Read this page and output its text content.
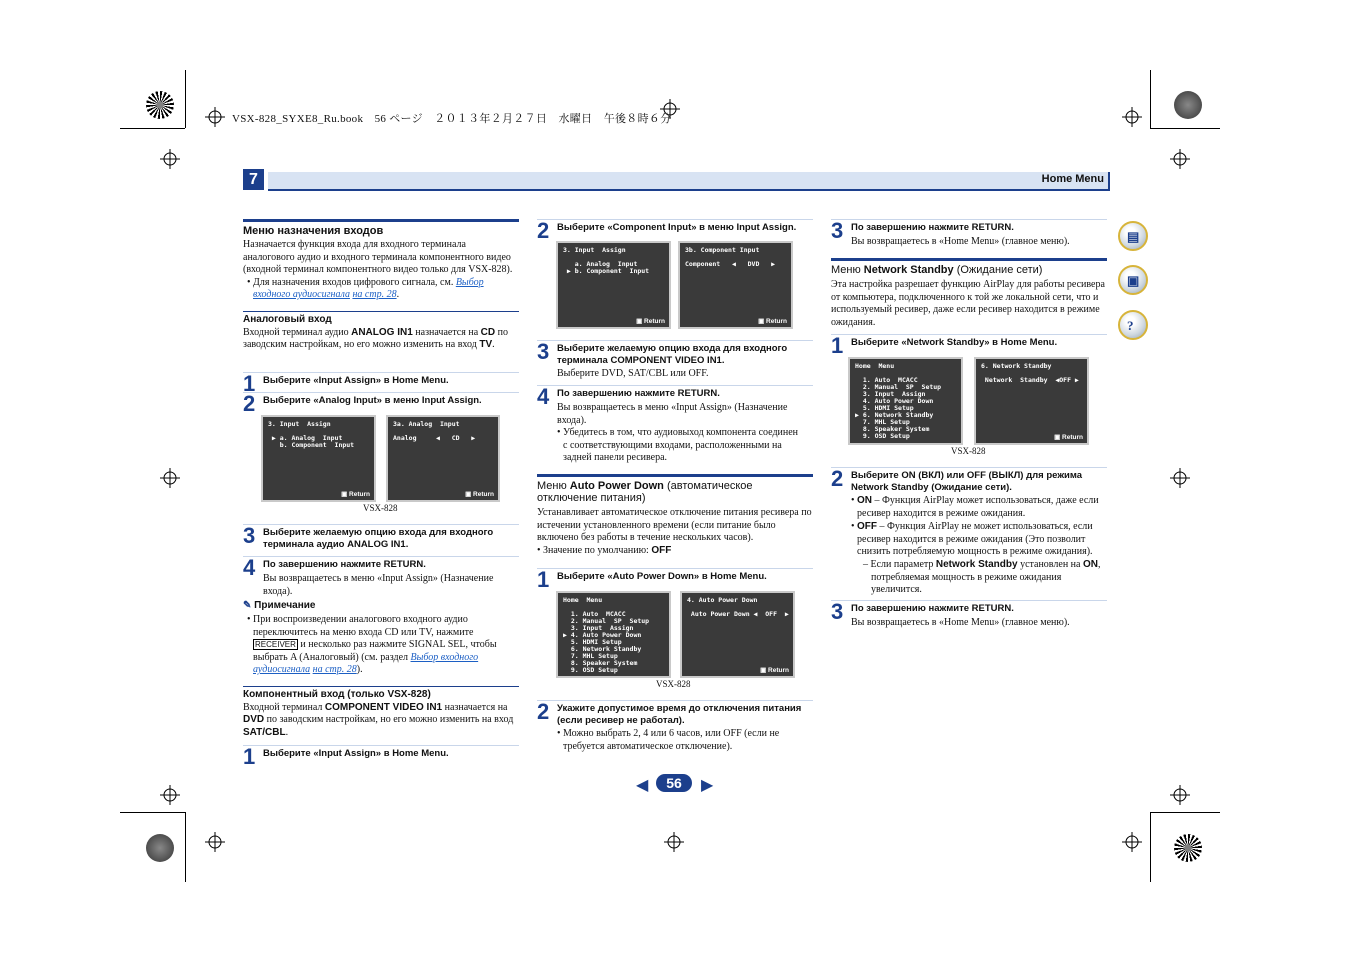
VSX-828_SYXE8_Ru.book　56 ページ　２０１３年２月２７日　水曜日　午後８時６分
7	Home Menu
▤
▣
?
Меню назначения входов
Назначается функция входа для входного терминала аналогового аудио и входного терминала компонентного видео (входной терминал компонентного видео только для VSX-828).
• Для назначения входов цифрового сигнала, см. Выбор входного аудиосигнала на стр. 28.
Аналоговый вход
Входной терминал аудио ANALOG IN1 назначается на CD по заводским настройкам, но его можно изменить на вход TV.
1 Выберите «Input Assign» в Home Menu.
2 Выберите «Analog Input» в меню Input Assign.
3. Input  Assign

▶ a. Analog  Input
b. Component  Input
▣ Return
3a. Analog  Input

Analog     ◀   CD   ▶
▣ Return
VSX-828
3 Выберите желаемую опцию входа для входного терминала аудио ANALOG IN1.
4 По завершению нажмите RETURN.
Вы возвращаетесь в меню «Input Assign» (Назначение входа).
✎ Примечание
• При воспроизведении аналогового входного аудио переключитесь на меню входа CD или TV, нажмите RECEIVER и несколько раз нажмите SIGNAL SEL, чтобы выбрать A (Аналоговый) (см. раздел Выбор входного аудиосигнала на стр. 28).
Компонентный вход (только VSX-828)
Входной терминал COMPONENT VIDEO IN1 назначается на DVD по заводским настройкам, но его можно изменить на вход SAT/CBL.
1 Выберите «Input Assign» в Home Menu.
2 Выберите «Component Input» в меню Input Assign.
3. Input  Assign

a. Analog  Input
▶ b. Component  Input
▣ Return
3b. Component Input

Component   ◀   DVD   ▶
▣ Return
3 Выберите желаемую опцию входа для входного терминала COMPONENT VIDEO IN1.
Выберите DVD, SAT/CBL или OFF.
4 По завершению нажмите RETURN.
Вы возвращаетесь в меню «Input Assign» (Назначение входа).
• Убедитесь в том, что аудиовыход компонента соединен с соответствующими входами, расположенными на задней панели ресивера.
Меню Auto Power Down (автоматическое отключение питания)
Устанавливает автоматическое отключение питания ресивера по истечении установленного времени (если питание было включено без работы в течение нескольких часов).
• Значение по умолчанию: OFF
1 Выберите «Auto Power Down» в Home Menu.
Home  Menu

1. Auto  MCACC
2. Manual  SP  Setup
3. Input  Assign
▶ 4. Auto Power Down
5. HDMI Setup
6. Network Standby
7. MHL Setup
8. Speaker System
9. OSD Setup
4. Auto Power Down

Auto Power Down ◀  OFF  ▶
▣ Return
VSX-828
2 Укажите допустимое время до отключения питания (если ресивер не работал).
• Можно выбрать 2, 4 или 6 часов, или OFF (если не требуется автоматическое отключение).
3 По завершению нажмите RETURN.
Вы возвращаетесь в «Home Menu» (главное меню).
Меню Network Standby (Ожидание сети)
Эта настройка разрешает функцию AirPlay для работы ресивера от компьютера, подключенного к той же локальной сети, что и используемый ресивер, даже если ресивер находится в режиме ожидания.
1 Выберите «Network Standby» в Home Menu.
Home  Menu

1. Auto  MCACC
2. Manual  SP  Setup
3. Input  Assign
4. Auto Power Down
5. HDMI Setup
▶ 6. Network Standby
7. MHL Setup
8. Speaker System
9. OSD Setup
6. Network Standby

Network  Standby  ◀OFF ▶
▣ Return
VSX-828
2 Выберите ON (ВКЛ) или OFF (ВЫКЛ) для режима Network Standby (Ожидание сети).
• ON – Функция AirPlay может использоваться, даже если ресивер находится в режиме ожидания.
• OFF – Функция AirPlay не может использоваться, если ресивер находится в режиме ожидания (Это позволит снизить потребляемую мощность в режиме ожидания).
– Если параметр Network Standby установлен на ON, потребляемая мощность в режиме ожидания увеличится.
3 По завершению нажмите RETURN.
Вы возвращаетесь в «Home Menu» (главное меню).
◀	56	▶
